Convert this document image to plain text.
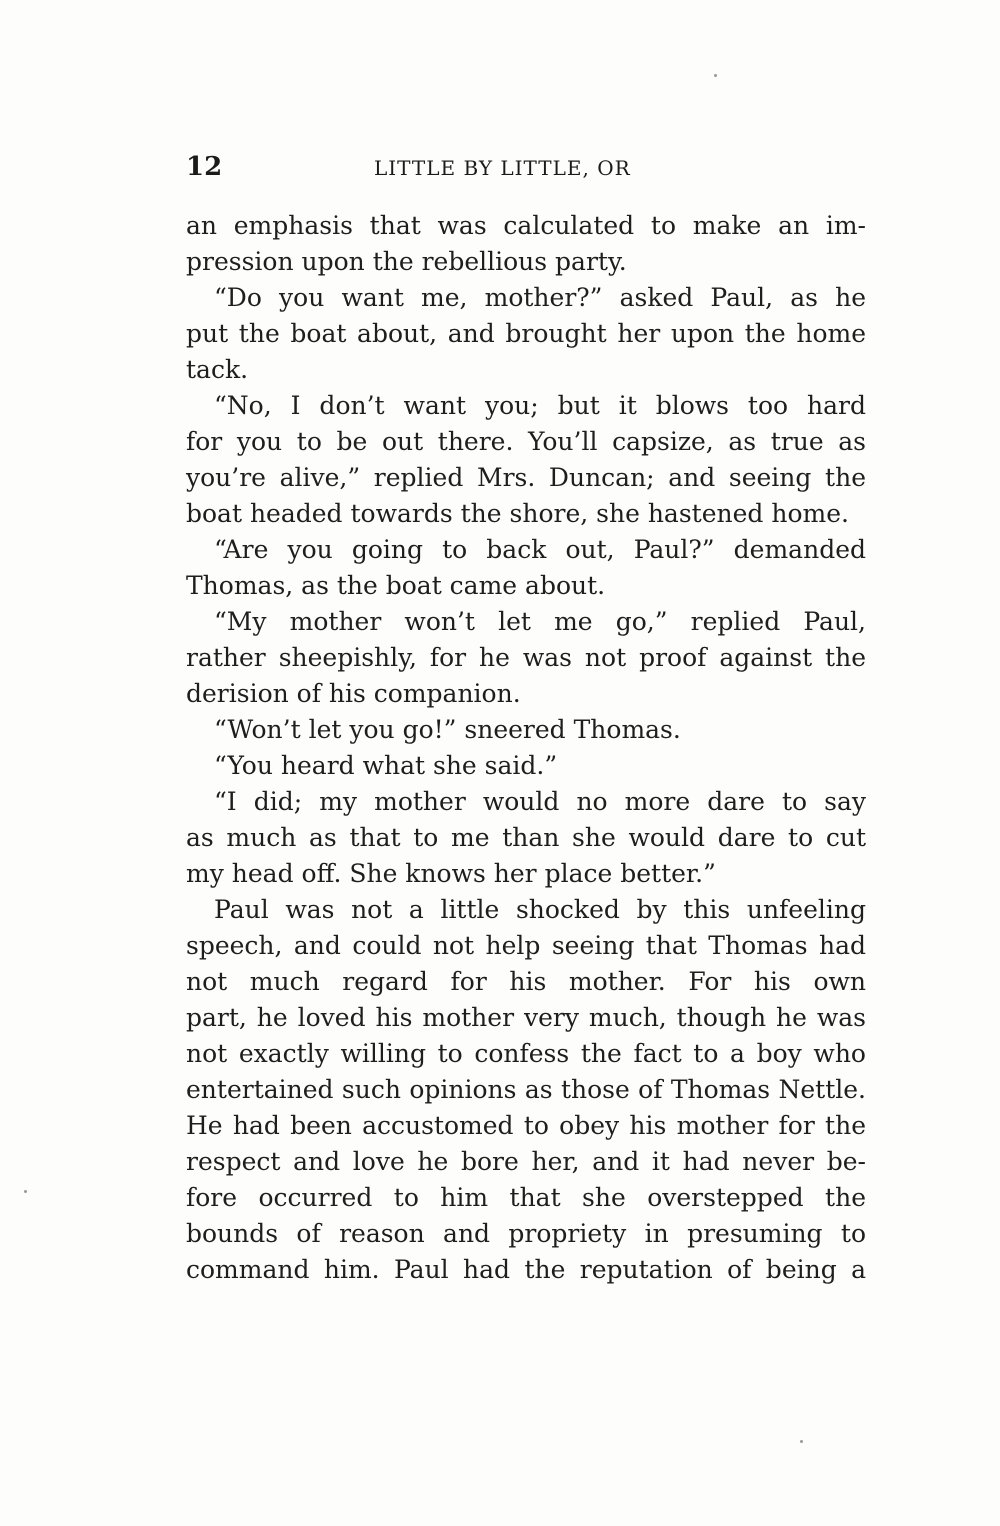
12	LITTLE BY LITTLE, OR
an emphasis that was calculated to make an im-
pression upon the rebellious party.
“Do you want me, mother?” asked Paul, as he
put the boat about, and brought her upon the home
tack.
“No, I don’t want you; but it blows too hard
for you to be out there. You’ll capsize, as true as
you’re alive,” replied Mrs. Duncan; and seeing the
boat headed towards the shore, she hastened home.
“Are you going to back out, Paul?” demanded
Thomas, as the boat came about.
“My mother won’t let me go,” replied Paul,
rather sheepishly, for he was not proof against the
derision of his companion.
“Won’t let you go!” sneered Thomas.
“You heard what she said.”
“I did; my mother would no more dare to say
as much as that to me than she would dare to cut
my head off. She knows her place better.”
Paul was not a little shocked by this unfeeling
speech, and could not help seeing that Thomas had
not much regard for his mother. For his own
part, he loved his mother very much, though he was
not exactly willing to confess the fact to a boy who
entertained such opinions as those of Thomas Nettle.
He had been accustomed to obey his mother for the
respect and love he bore her, and it had never be-
fore occurred to him that she overstepped the
bounds of reason and propriety in presuming to
command him. Paul had the reputation of being a
